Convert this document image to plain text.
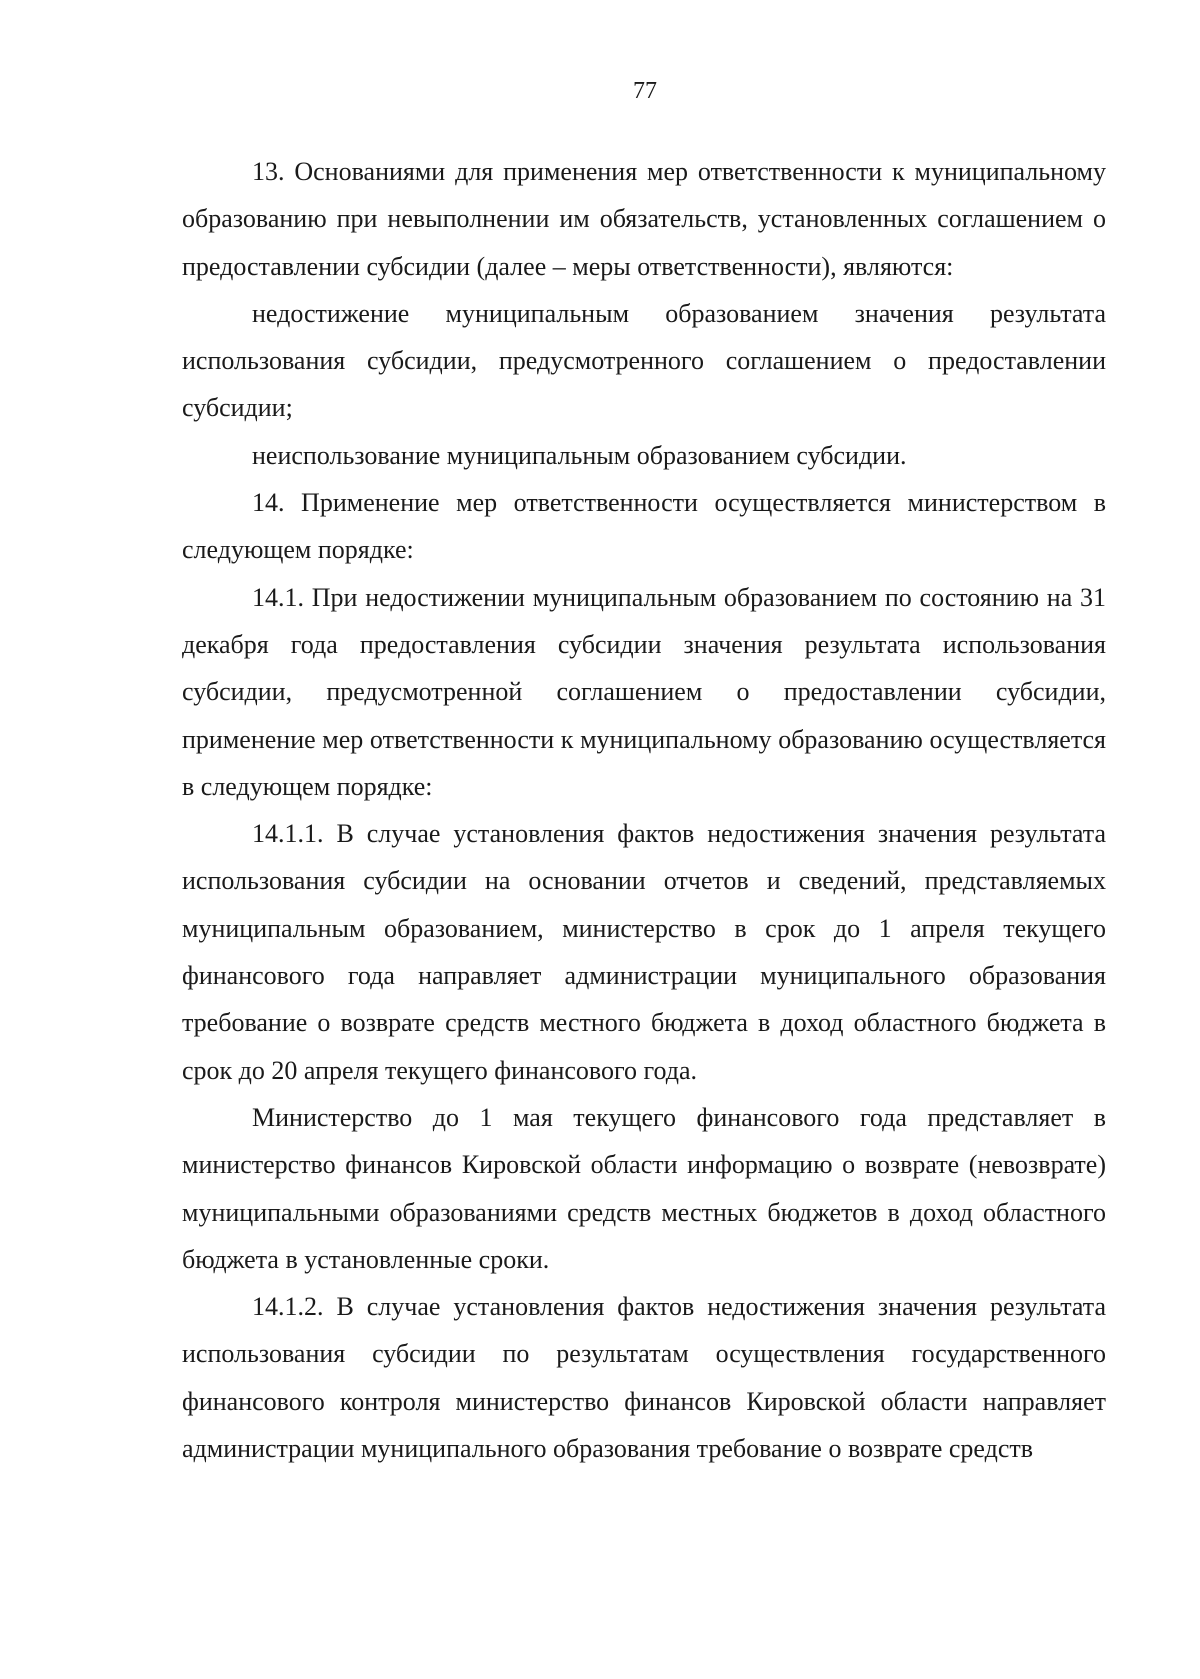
77

13. Основаниями для применения мер ответственности к муниципальному образованию при невыполнении им обязательств, установленных соглашением о предоставлении субсидии (далее – меры ответственности), являются:

недостижение муниципальным образованием значения результата использования субсидии, предусмотренного соглашением о предоставлении субсидии;

неиспользование муниципальным образованием субсидии.

14. Применение мер ответственности осуществляется министерством в следующем порядке:

14.1. При недостижении муниципальным образованием по состоянию на 31 декабря года предоставления субсидии значения результата использования субсидии, предусмотренной соглашением о предоставлении субсидии, применение мер ответственности к муниципальному образованию осуществляется в следующем порядке:

14.1.1. В случае установления фактов недостижения значения результата использования субсидии на основании отчетов и сведений, представляемых муниципальным образованием, министерство в срок до 1 апреля текущего финансового года направляет администрации муниципального образования требование о возврате средств местного бюджета в доход областного бюджета в срок до 20 апреля текущего финансового года.

Министерство до 1 мая текущего финансового года представляет в министерство финансов Кировской области информацию о возврате (невозврате) муниципальными образованиями средств местных бюджетов в доход областного бюджета в установленные сроки.

14.1.2. В случае установления фактов недостижения значения результата использования субсидии по результатам осуществления государственного финансового контроля министерство финансов Кировской области направляет администрации муниципального образования требование о возврате средств
